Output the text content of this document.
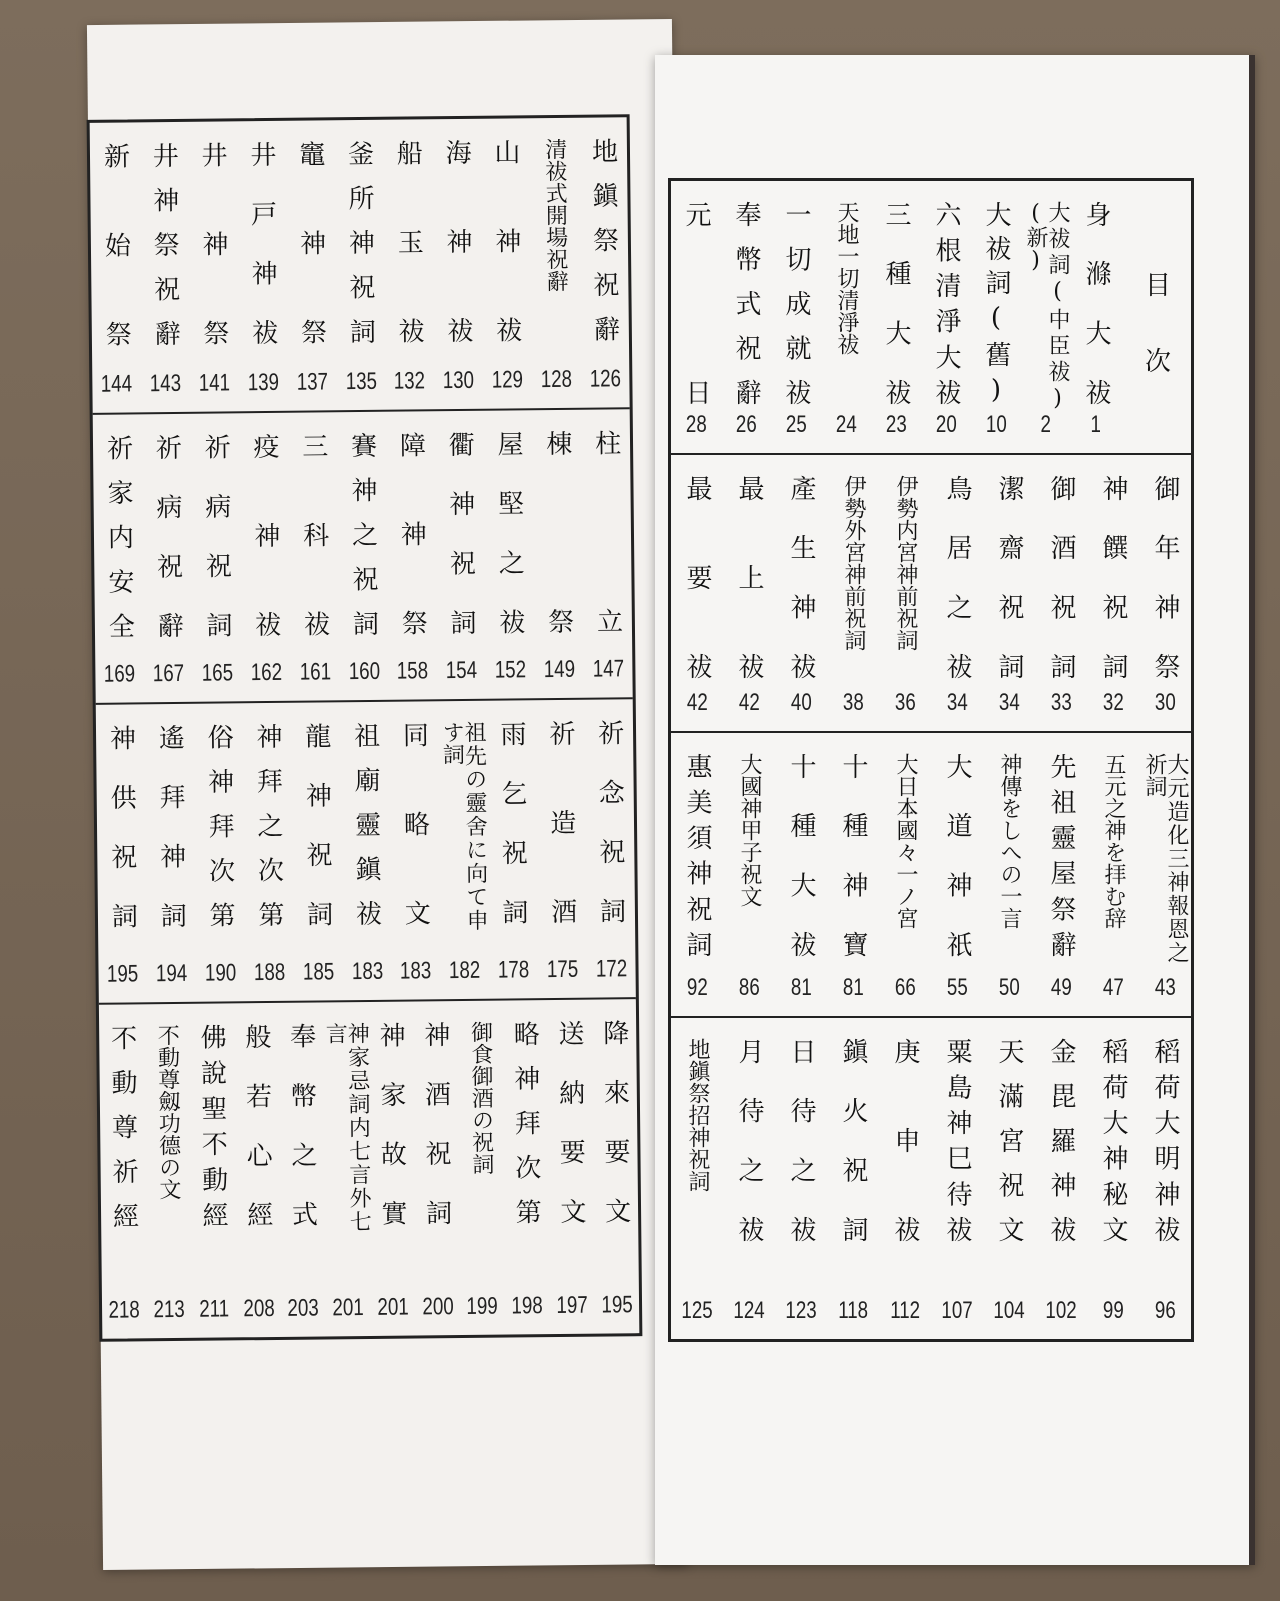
目次
身滌大祓
1
大祓詞(中臣祓)(新)
2
大祓詞(舊)
10
六根清淨大祓
20
三種大祓
23
天地一切清淨祓
24
一切成就祓
25
奉幣式祝辭
26
元日
28
御年神祭
30
神饌祝詞
32
御酒祝詞
33
潔齋祝詞
34
鳥居之祓
34
伊勢内宮神前祝詞
36
伊勢外宮神前祝詞
38
產生神祓
40
最上祓
42
最要祓
42
大元造化三神報恩之祈詞
43
五元之神を拝む辞
47
先祖靈屋祭辭
49
神傳をしへの一言
50
大道神祇
55
大日本國々一ノ宮
66
十種神寶
81
十種大祓
81
大國神甲子祝文
86
惠美須神祝詞
92
稻荷大明神祓
96
稻荷大神秘文
99
金毘羅神祓
102
天滿宮祝文
104
粟島神巳待祓
107
庚申祓
112
鎭火祝詞
118
日待之祓
123
月待之祓
124
地鎭祭招神祝詞
125
地鎭祭祝辭
126
清祓式開場祝辭
128
山神祓
129
海神祓
130
船玉祓
132
釜所神祝詞
135
竈神祭
137
井戸神祓
139
井神祭
141
井神祭祝辭
143
新始祭
144
柱立
147
棟祭
149
屋堅之祓
152
衢神祝詞
154
障神祭
158
賽神之祝詞
160
三科祓
161
疫神祓
162
祈病祝詞
165
祈病祝辭
167
祈家内安全
169
祈念祝詞
172
祈造酒
175
雨乞祝詞
178
祖先の靈舍に向て申す詞
182
同略文
183
祖廟靈鎭祓
183
龍神祝詞
185
神拜之次第
188
俗神拜次第
190
遙拜神詞
194
神供祝詞
195
降來要文
195
送納要文
197
略神拜次第
198
御食御酒の祝詞
199
神酒祝詞
200
神家故實
201
神家忌詞内七言外七言
201
奉幣之式
203
般若心經
208
佛說聖不動經
211
不動尊劔功德の文
213
不動尊祈經
218
